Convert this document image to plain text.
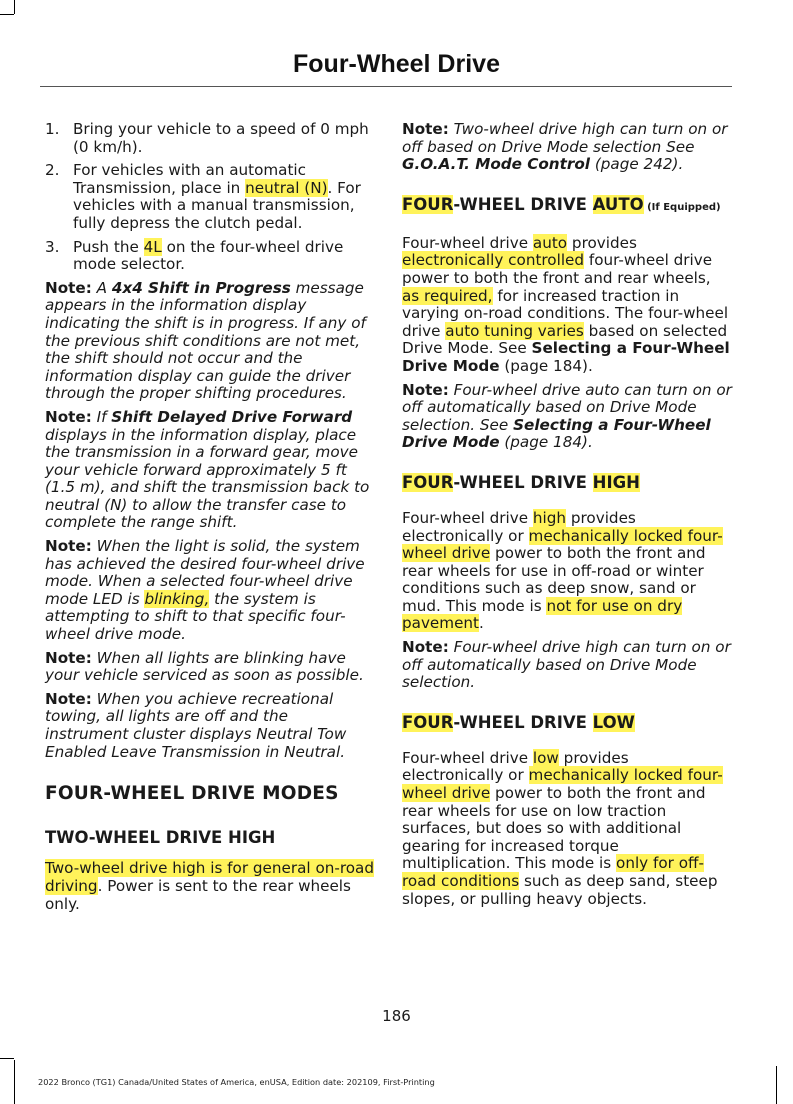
Four-Wheel Drive
1. Bring your vehicle to a speed of 0 mph (0 km/h).
2. For vehicles with an automatic Transmission, place in neutral (N). For vehicles with a manual transmission, fully depress the clutch pedal.
3. Push the 4L on the four-wheel drive mode selector.
Note: A 4x4 Shift in Progress message appears in the information display indicating the shift is in progress. If any of the previous shift conditions are not met, the shift should not occur and the information display can guide the driver through the proper shifting procedures.
Note: If Shift Delayed Drive Forward displays in the information display, place the transmission in a forward gear, move your vehicle forward approximately 5 ft (1.5 m), and shift the transmission back to neutral (N) to allow the transfer case to complete the range shift.
Note: When the light is solid, the system has achieved the desired four-wheel drive mode. When a selected four-wheel drive mode LED is blinking, the system is attempting to shift to that specific four-wheel drive mode.
Note: When all lights are blinking have your vehicle serviced as soon as possible.
Note: When you achieve recreational towing, all lights are off and the instrument cluster displays Neutral Tow Enabled Leave Transmission in Neutral.
FOUR-WHEEL DRIVE MODES
TWO-WHEEL DRIVE HIGH
Two-wheel drive high is for general on-road driving. Power is sent to the rear wheels only.
Note: Two-wheel drive high can turn on or off based on Drive Mode selection See G.O.A.T. Mode Control (page 242).
FOUR-WHEEL DRIVE AUTO (If Equipped)
Four-wheel drive auto provides electronically controlled four-wheel drive power to both the front and rear wheels, as required, for increased traction in varying on-road conditions. The four-wheel drive auto tuning varies based on selected Drive Mode. See Selecting a Four-Wheel Drive Mode (page 184).
Note: Four-wheel drive auto can turn on or off automatically based on Drive Mode selection. See Selecting a Four-Wheel Drive Mode (page 184).
FOUR-WHEEL DRIVE HIGH
Four-wheel drive high provides electronically or mechanically locked four-wheel drive power to both the front and rear wheels for use in off-road or winter conditions such as deep snow, sand or mud. This mode is not for use on dry pavement.
Note: Four-wheel drive high can turn on or off automatically based on Drive Mode selection.
FOUR-WHEEL DRIVE LOW
Four-wheel drive low provides electronically or mechanically locked four-wheel drive power to both the front and rear wheels for use on low traction surfaces, but does so with additional gearing for increased torque multiplication. This mode is only for off-road conditions such as deep sand, steep slopes, or pulling heavy objects.
186
2022 Bronco (TG1) Canada/United States of America, enUSA, Edition date: 202109, First-Printing
